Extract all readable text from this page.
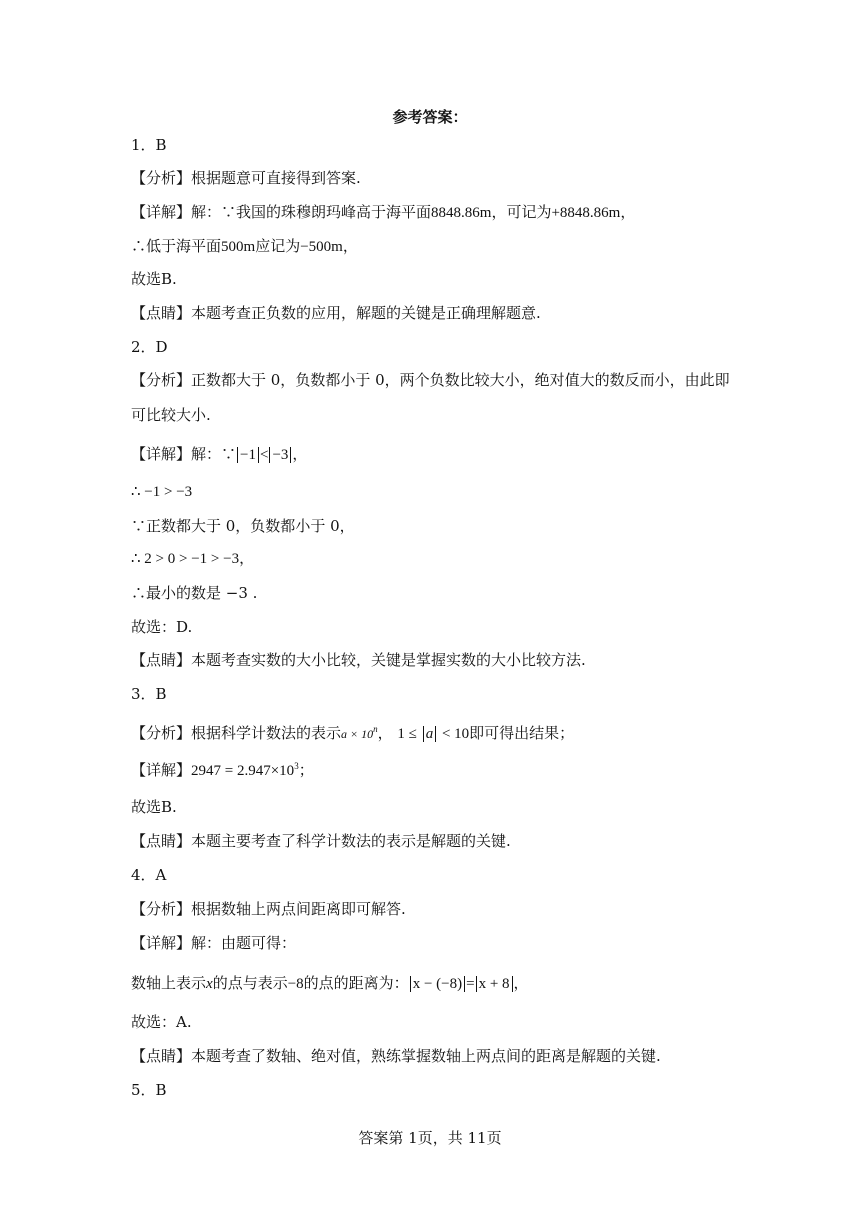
参考答案：
1．B
【分析】根据题意可直接得到答案.
【详解】解：∵我国的珠穆朗玛峰高于海平面8848.86m，可记为+8848.86m，
∴低于海平面500m应记为−500m，
故选B.
【点睛】本题考查正负数的应用，解题的关键是正确理解题意.
2．D
【分析】正数都大于 0，负数都小于 0，两个负数比较大小，绝对值大的数反而小，由此即
可比较大小.
【详解】解：∵ −1 < −3 ，
∴ −1 > −3
∵正数都大于 0，负数都小于 0，
∴ 2 > 0 > −1 > −3，
∴最小的数是 −3 .
故选：D.
【点睛】本题考查实数的大小比较，关键是掌握实数的大小比较方法.
3．B
【分析】根据科学计数法的表示$a \times 10^n$， 1 ≤ a < 10即可得出结果；
【详解】$2947 = 2.947\times 10^3$；
故选B.
【点睛】本题主要考查了科学计数法的表示是解题的关键.
4．A
【分析】根据数轴上两点间距离即可解答.
【详解】解：由题可得：
数轴上表示x的点与表示−8的点的距离为： x − (−8) = x + 8 ，
故选：A.
【点睛】本题考查了数轴、绝对值，熟练掌握数轴上两点间的距离是解题的关键.
5．B
答案第 1页，共 11页
